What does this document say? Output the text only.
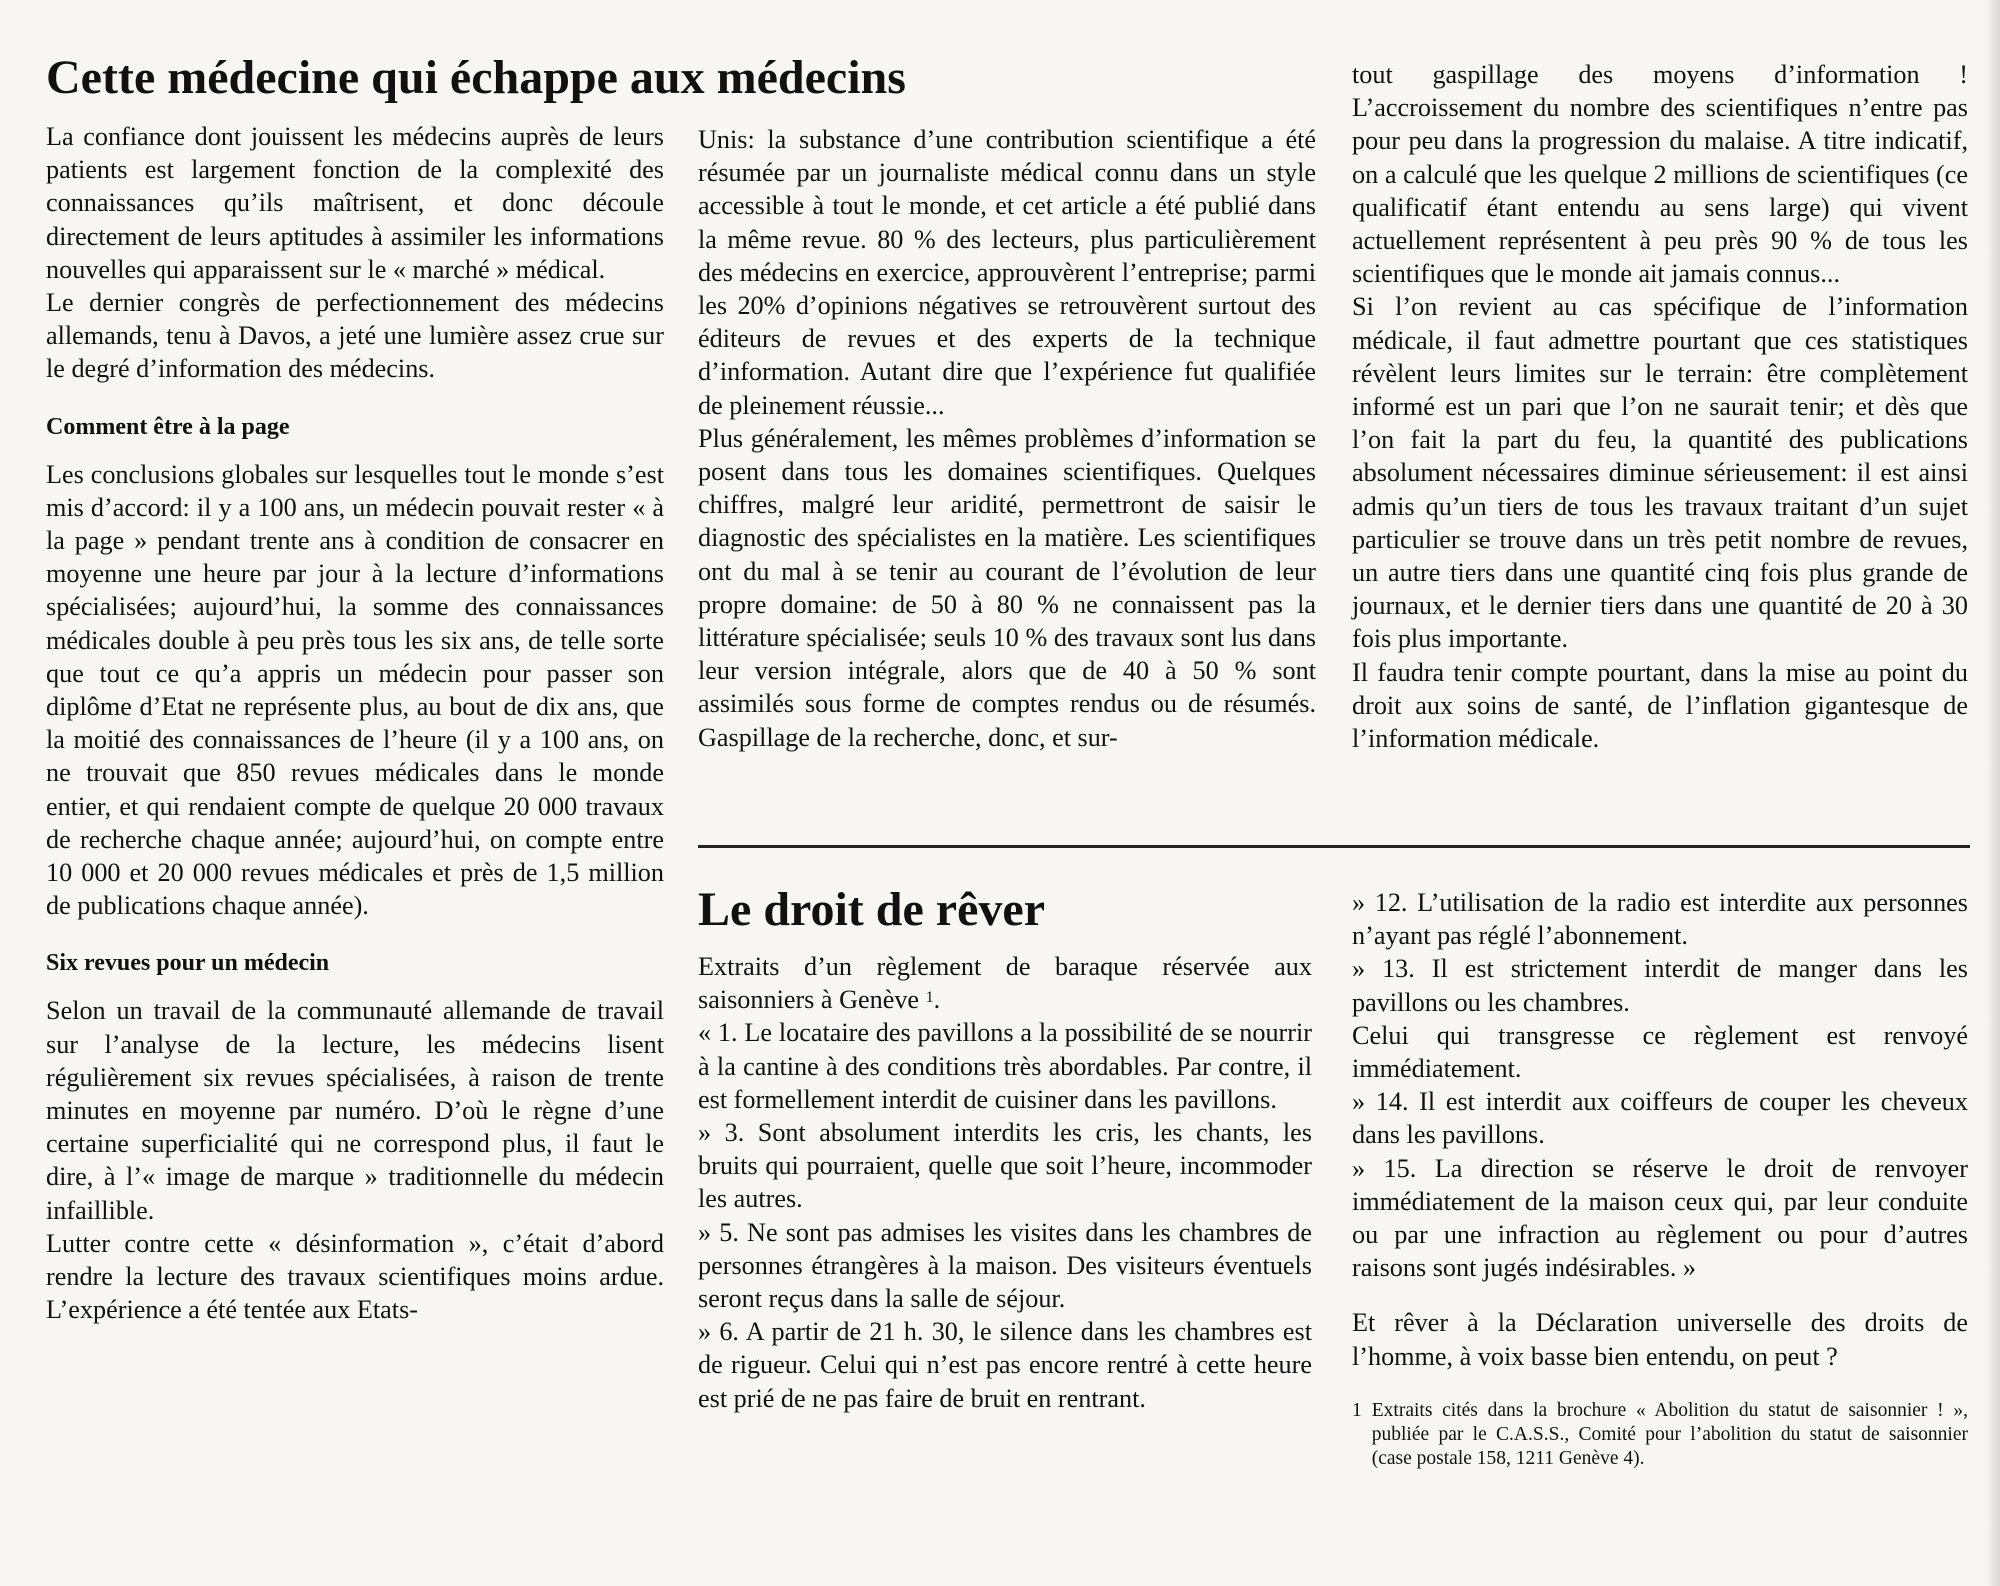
Cette médecine qui échappe aux médecins

La confiance dont jouissent les médecins auprès de leurs patients est largement fonction de la complexité des connaissances qu’ils maîtrisent, et donc découle directement de leurs aptitudes à assimiler les informations nouvelles qui apparaissent sur le « marché » médical.

Le dernier congrès de perfectionnement des médecins allemands, tenu à Davos, a jeté une lumière assez crue sur le degré d’information des médecins.

Comment être à la page

Les conclusions globales sur lesquelles tout le monde s’est mis d’accord: il y a 100 ans, un médecin pouvait rester « à la page » pendant trente ans à condition de consacrer en moyenne une heure par jour à la lecture d’informations spécialisées; aujourd’hui, la somme des connaissances médicales double à peu près tous les six ans, de telle sorte que tout ce qu’a appris un médecin pour passer son diplôme d’Etat ne représente plus, au bout de dix ans, que la moitié des connaissances de l’heure (il y a 100 ans, on ne trouvait que 850 revues médicales dans le monde entier, et qui rendaient compte de quelque 20 000 travaux de recherche chaque année; aujourd’hui, on compte entre 10 000 et 20 000 revues médicales et près de 1,5 million de publications chaque année).

Six revues pour un médecin

Selon un travail de la communauté allemande de travail sur l’analyse de la lecture, les médecins lisent régulièrement six revues spécialisées, à raison de trente minutes en moyenne par numéro. D’où le règne d’une certaine superficialité qui ne correspond plus, il faut le dire, à l’« image de marque » traditionnelle du médecin infaillible.

Lutter contre cette « désinformation », c’était d’abord rendre la lecture des travaux scientifiques moins ardue. L’expérience a été tentée aux Etats-

Unis: la substance d’une contribution scientifique a été résumée par un journaliste médical connu dans un style accessible à tout le monde, et cet article a été publié dans la même revue. 80 % des lecteurs, plus particulièrement des médecins en exercice, approuvèrent l’entreprise; parmi les 20% d’opinions négatives se retrouvèrent surtout des éditeurs de revues et des experts de la technique d’information. Autant dire que l’expérience fut qualifiée de pleinement réussie...

Plus généralement, les mêmes problèmes d’information se posent dans tous les domaines scientifiques. Quelques chiffres, malgré leur aridité, permettront de saisir le diagnostic des spécialistes en la matière. Les scientifiques ont du mal à se tenir au courant de l’évolution de leur propre domaine: de 50 à 80 % ne connaissent pas la littérature spécialisée; seuls 10 % des travaux sont lus dans leur version intégrale, alors que de 40 à 50 % sont assimilés sous forme de comptes rendus ou de résumés. Gaspillage de la recherche, donc, et sur-

tout gaspillage des moyens d’information ! L’accroissement du nombre des scientifiques n’entre pas pour peu dans la progression du malaise. A titre indicatif, on a calculé que les quelque 2 millions de scientifiques (ce qualificatif étant entendu au sens large) qui vivent actuellement représentent à peu près 90 % de tous les scientifiques que le monde ait jamais connus...

Si l’on revient au cas spécifique de l’information médicale, il faut admettre pourtant que ces statistiques révèlent leurs limites sur le terrain: être complètement informé est un pari que l’on ne saurait tenir; et dès que l’on fait la part du feu, la quantité des publications absolument nécessaires diminue sérieusement: il est ainsi admis qu’un tiers de tous les travaux traitant d’un sujet particulier se trouve dans un très petit nombre de revues, un autre tiers dans une quantité cinq fois plus grande de journaux, et le dernier tiers dans une quantité de 20 à 30 fois plus importante.

Il faudra tenir compte pourtant, dans la mise au point du droit aux soins de santé, de l’inflation gigantesque de l’information médicale.

Le droit de rêver

Extraits d’un règlement de baraque réservée aux saisonniers à Genève $^1$.

« 1. Le locataire des pavillons a la possibilité de se nourrir à la cantine à des conditions très abordables. Par contre, il est formellement interdit de cuisiner dans les pavillons.

» 3. Sont absolument interdits les cris, les chants, les bruits qui pourraient, quelle que soit l’heure, incommoder les autres.

» 5. Ne sont pas admises les visites dans les chambres de personnes étrangères à la maison. Des visiteurs éventuels seront reçus dans la salle de séjour.

» 6. A partir de 21 h. 30, le silence dans les chambres est de rigueur. Celui qui n’est pas encore rentré à cette heure est prié de ne pas faire de bruit en rentrant.

» 12. L’utilisation de la radio est interdite aux personnes n’ayant pas réglé l’abonnement.

» 13. Il est strictement interdit de manger dans les pavillons ou les chambres.

Celui qui transgresse ce règlement est renvoyé immédiatement.

» 14. Il est interdit aux coiffeurs de couper les cheveux dans les pavillons.

» 15. La direction se réserve le droit de renvoyer immédiatement de la maison ceux qui, par leur conduite ou par une infraction au règlement ou pour d’autres raisons sont jugés indésirables. »

Et rêver à la Déclaration universelle des droits de l’homme, à voix basse bien entendu, on peut ?

1 Extraits cités dans la brochure « Abolition du statut de saisonnier ! », publiée par le C.A.S.S., Comité pour l’abolition du statut de saisonnier (case postale 158, 1211 Genève 4).
